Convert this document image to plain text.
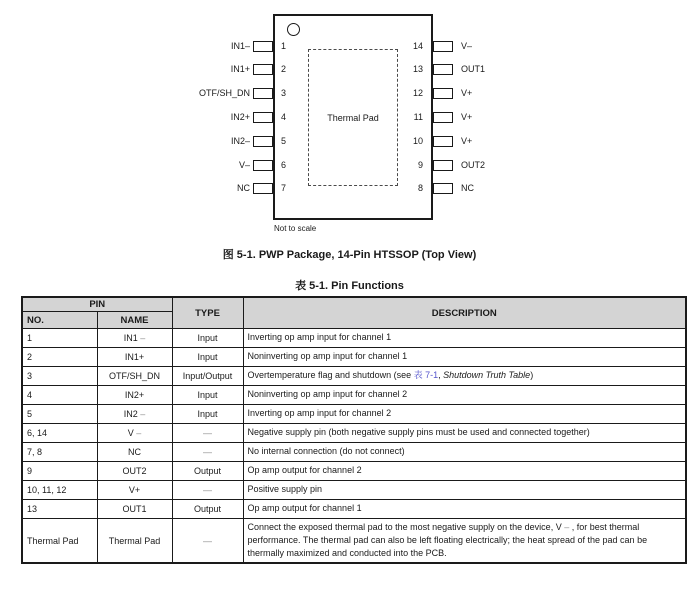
Thermal Pad
IN1–	1
IN1+	2
OTF/SH_DN	3
IN2+	4
IN2–	5
V–	6
NC	7
14	V–
13	OUT1
12	V+
11	V+
10	V+
9	OUT2
8	NC
Not to scale
图 5-1. PWP Package, 14-Pin HTSSOP (Top View)
表 5-1. Pin Functions
PIN		TYPE	DESCRIPTION
NO.	NAME		
1	IN1 –	Input	Inverting op amp input for channel 1
2	IN1+	Input	Noninverting op amp input for channel 1
3	OTF/SH_DN	Input/Output	Overtemperature flag and shutdown (see 表 7-1, Shutdown Truth Table)
4	IN2+	Input	Noninverting op amp input for channel 2
5	IN2 –	Input	Inverting op amp input for channel 2
6, 14	V –	—	Negative supply pin (both negative supply pins must be used and connected together)
7, 8	NC	—	No internal connection (do not connect)
9	OUT2	Output	Op amp output for channel 2
10, 11, 12	V+	—	Positive supply pin
13	OUT1	Output	Op amp output for channel 1
Thermal Pad	Thermal Pad	—	Connect the exposed thermal pad to the most negative supply on the device, V – , for best thermal performance. The thermal pad can also be left floating electrically; the heat spread of the pad can be thermally maximized and conducted into the PCB.
